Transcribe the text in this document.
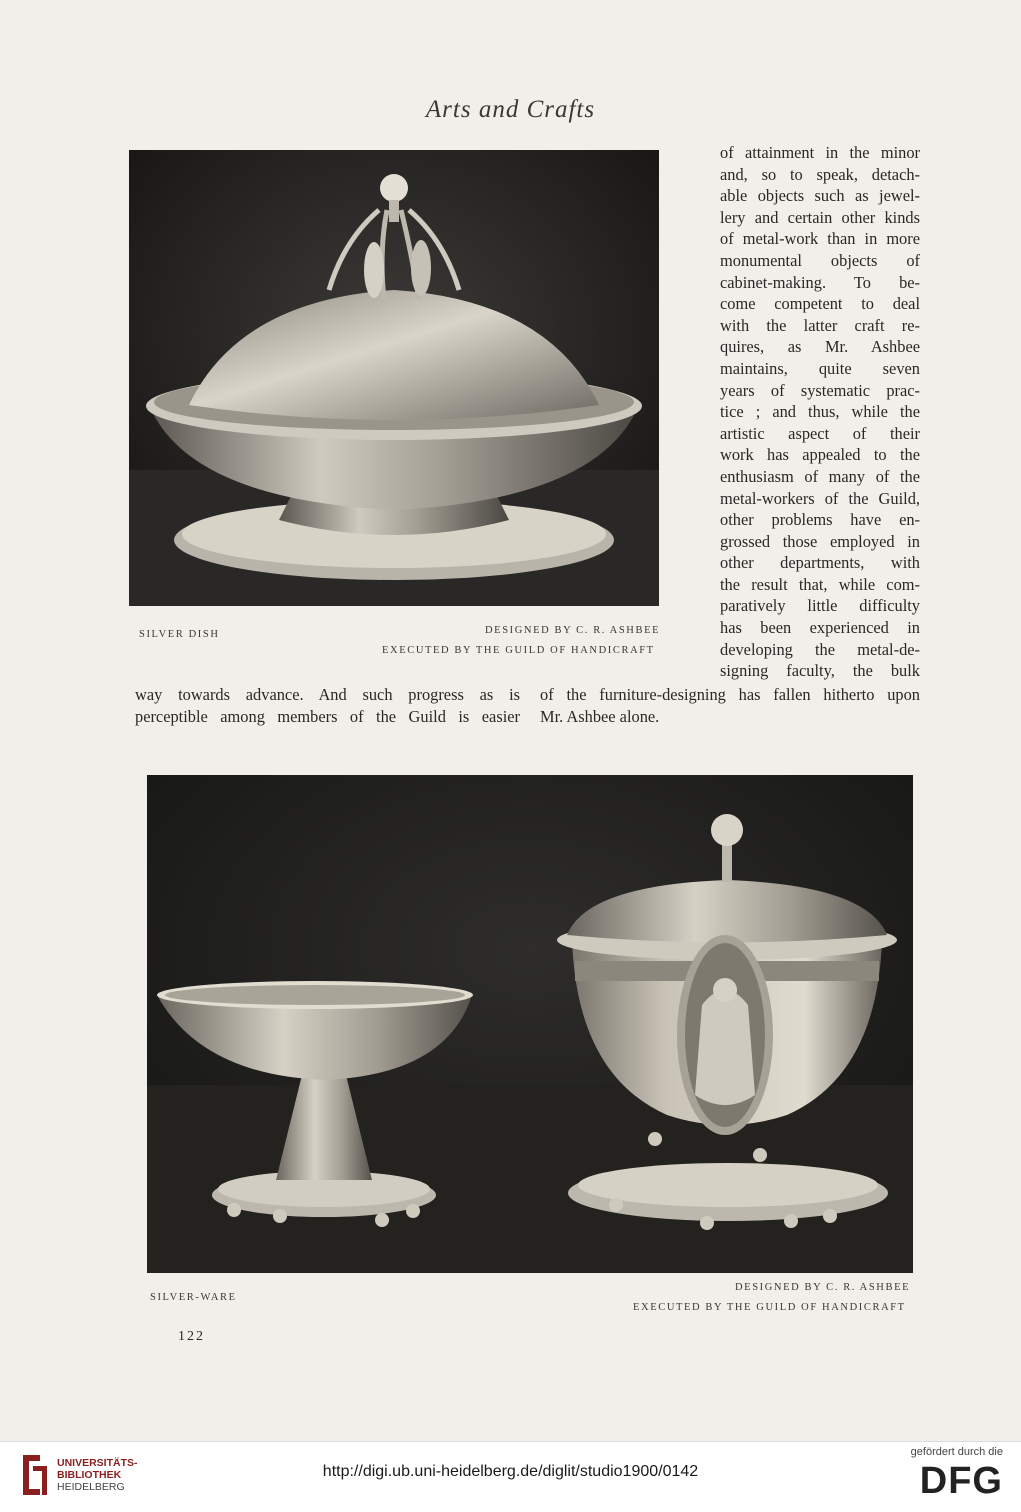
Arts and Crafts
SILVER DISH	DESIGNED BY C. R. ASHBEE
EXECUTED BY THE GUILD OF HANDICRAFT
of attainment in the minor
and, so to speak, detach-
able objects such as jewel-
lery and certain other kinds
of metal-work than in more
monumental objects of
cabinet-making. To be-
come competent to deal
with the latter craft re-
quires, as Mr. Ashbee
maintains, quite seven
years of systematic prac-
tice ; and thus, while the
artistic aspect of their
work has appealed to the
enthusiasm of many of the
metal-workers of the Guild,
other problems have en-
grossed those employed in
other departments, with
the result that, while com-
paratively little difficulty
has been experienced in
developing the metal-de-
signing faculty, the bulk
way towards advance. And such progress as is
perceptible among members of the Guild is easier
of the furniture-designing has fallen hitherto upon
Mr. Ashbee alone.
SILVER-WARE
DESIGNED BY C. R. ASHBEE
EXECUTED BY THE GUILD OF HANDICRAFT
122
UNIVERSITÄTS-
BIBLIOTHEK
HEIDELBERG
http://digi.ub.uni-heidelberg.de/diglit/studio1900/0142
gefördert durch die
DFG
